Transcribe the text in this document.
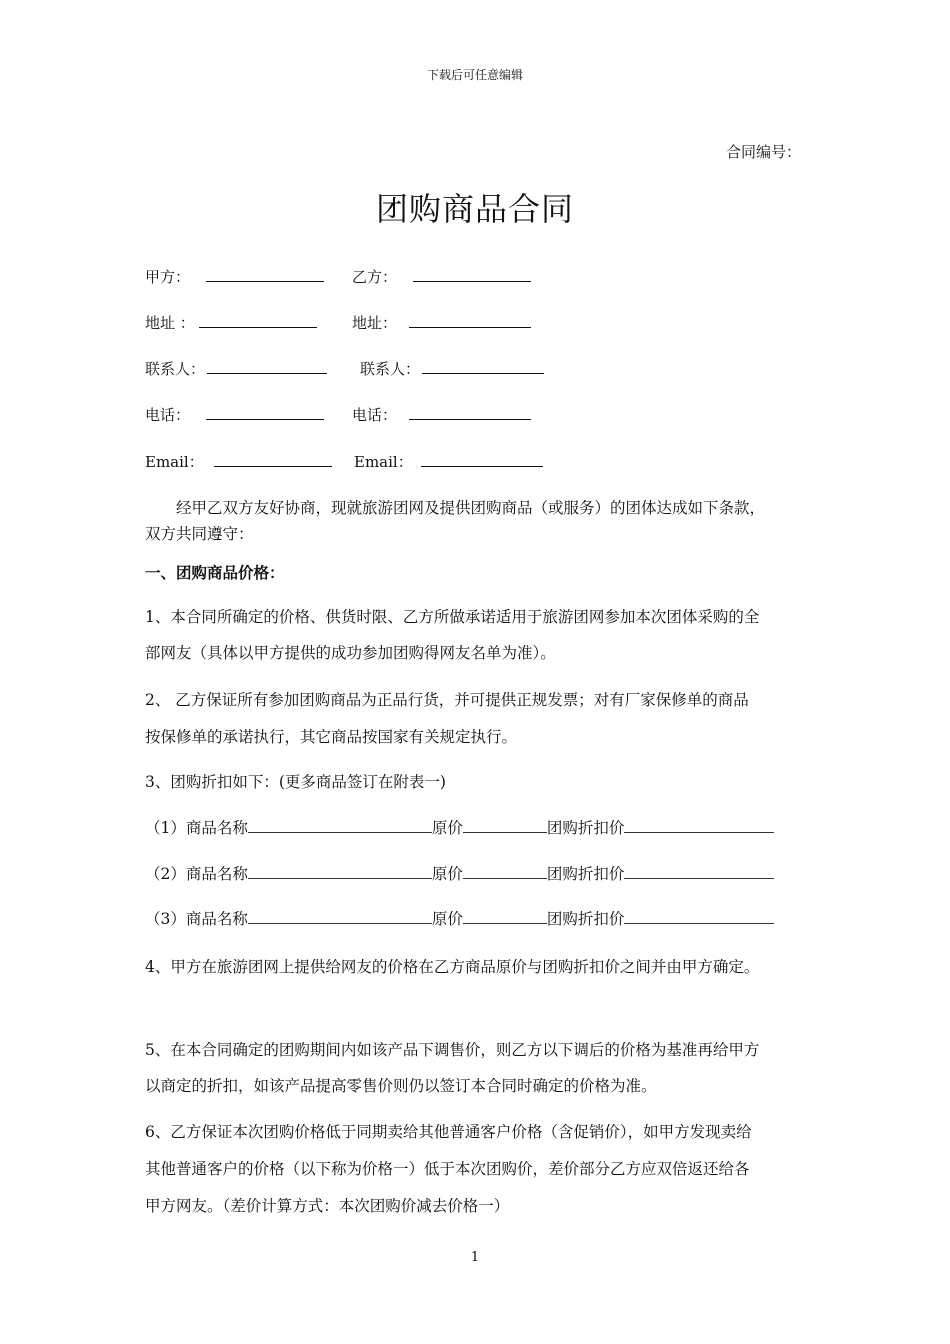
下载后可任意编辑
合同编号：
团购商品合同
甲方：	乙方：
地址 ：	地址：
联系人：	联系人：
电话：	电话：
Email：	Email：
经甲乙双方友好协商，现就旅游团网及提供团购商品（或服务）的团体达成如下条款，
双方共同遵守：
一、团购商品价格：
1、本合同所确定的价格、供货时限、乙方所做承诺适用于旅游团网参加本次团体采购的全
部网友（具体以甲方提供的成功参加团购得网友名单为准）。
2、 乙方保证所有参加团购商品为正品行货，并可提供正规发票；对有厂家保修单的商品
按保修单的承诺执行，其它商品按国家有关规定执行。
3、团购折扣如下：(更多商品签订在附表一)
（1）商品名称	原价	团购折扣价
（2）商品名称	原价	团购折扣价
（3）商品名称	原价	团购折扣价
4、甲方在旅游团网上提供给网友的价格在乙方商品原价与团购折扣价之间并由甲方确定。
5、在本合同确定的团购期间内如该产品下调售价，则乙方以下调后的价格为基准再给甲方
以商定的折扣，如该产品提高零售价则仍以签订本合同时确定的价格为准。
6、乙方保证本次团购价格低于同期卖给其他普通客户价格（含促销价），如甲方发现卖给
其他普通客户的价格（以下称为价格一）低于本次团购价，差价部分乙方应双倍返还给各
甲方网友。（差价计算方式：本次团购价减去价格一）
1
